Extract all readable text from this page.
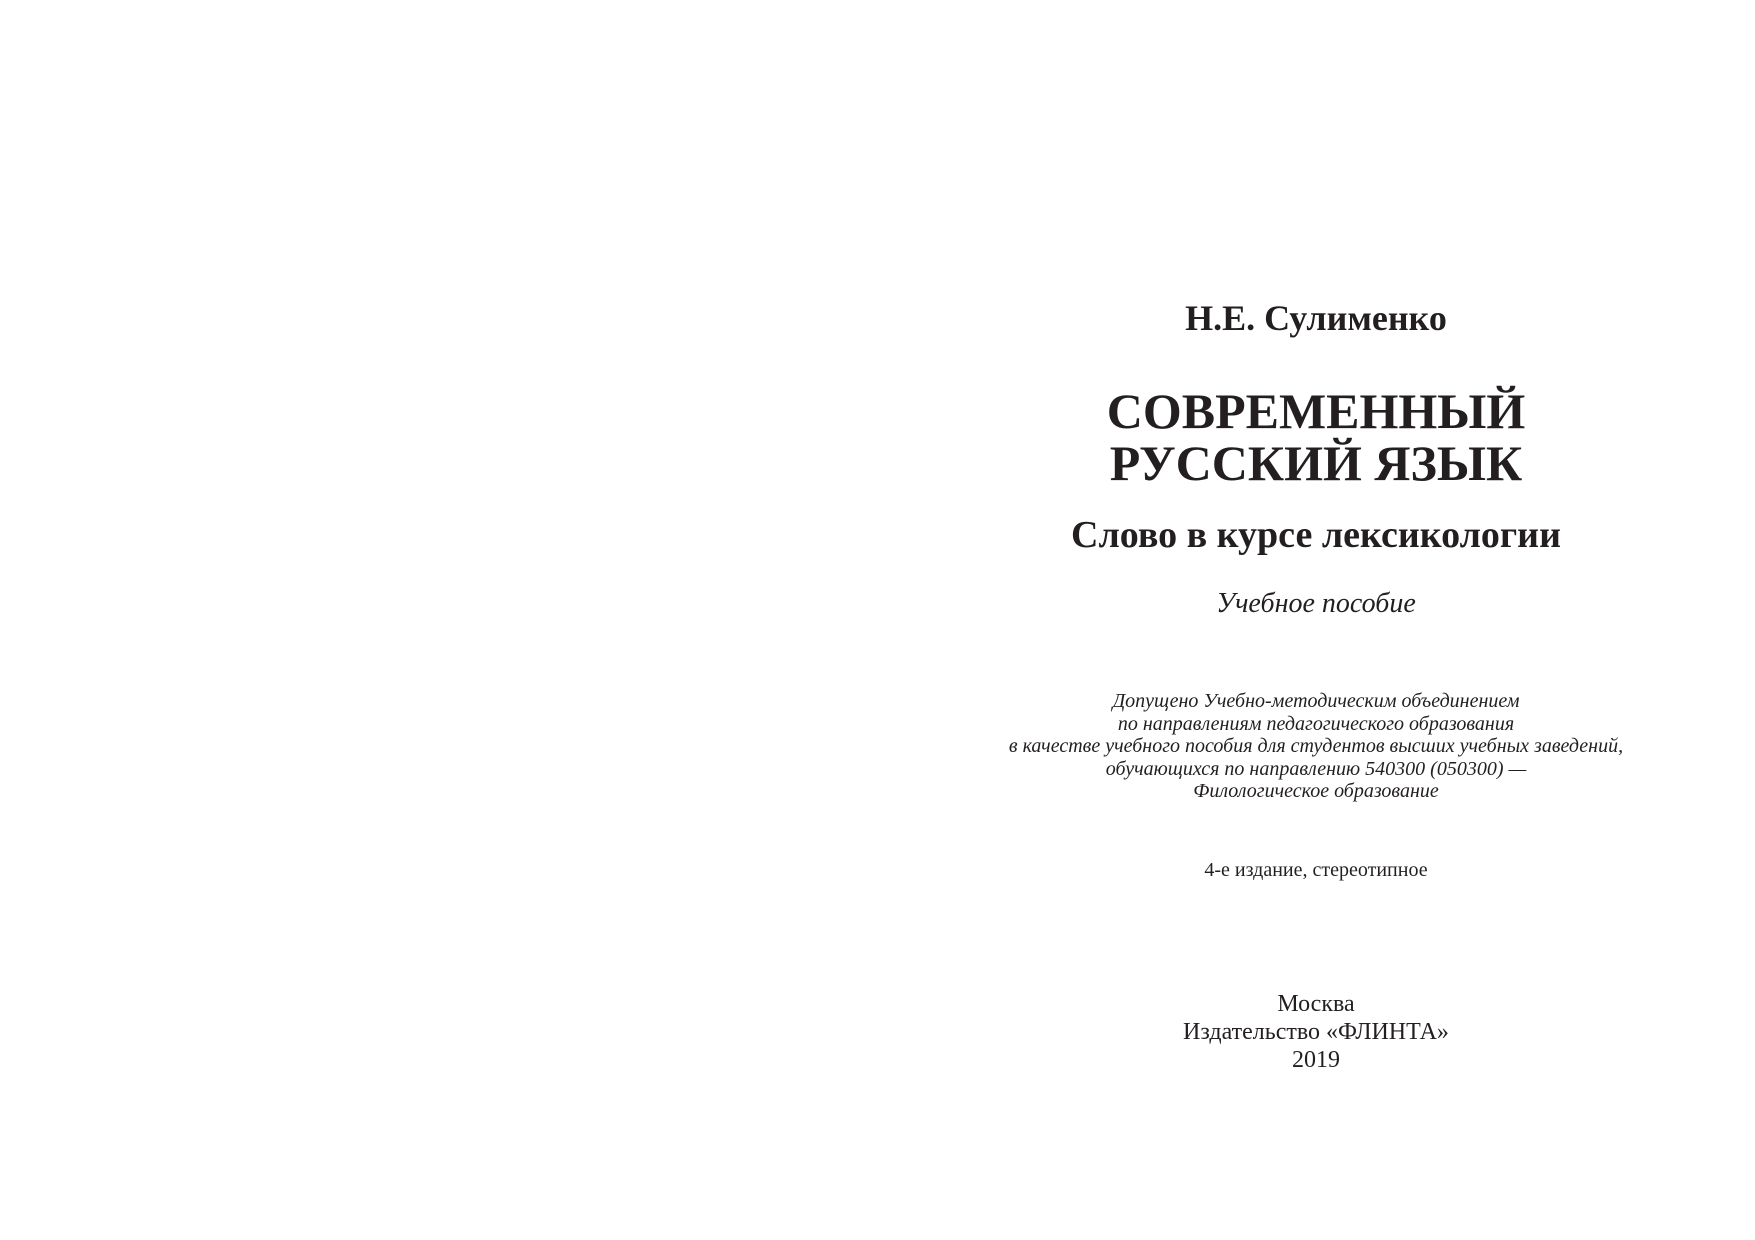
Н.Е. Сулименко
СОВРЕМЕННЫЙ
РУССКИЙ ЯЗЫК
Слово в курсе лексикологии
Учебное пособие
Допущено Учебно-методическим объединением
по направлениям педагогического образования
в качестве учебного пособия для студентов высших учебных заведений,
обучающихся по направлению 540300 (050300) —
Филологическое образование
4-е издание, стереотипное
Москва
Издательство «ФЛИНТА»
2019
